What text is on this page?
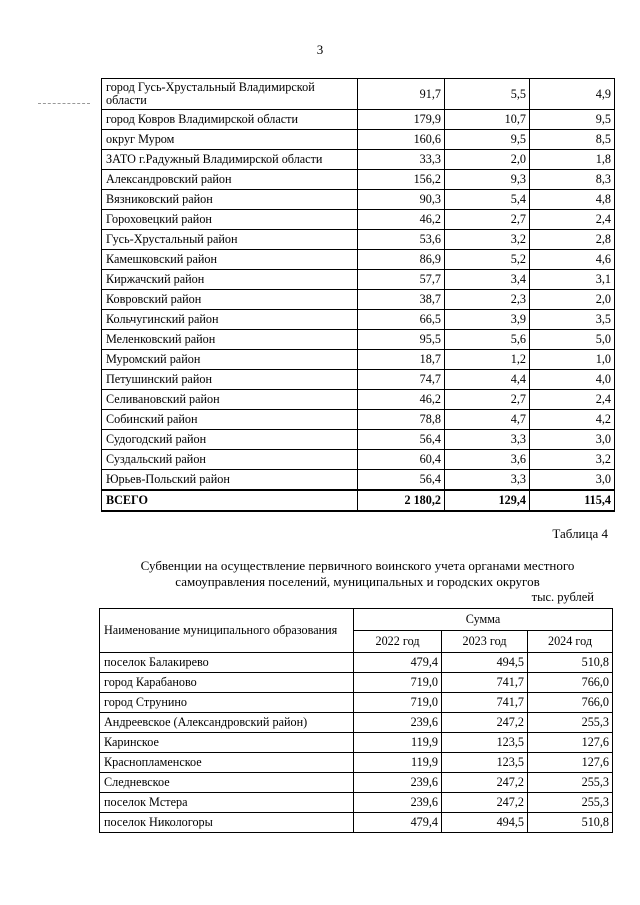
3
город Гусь-Хрустальный Владимирской области	91,7	5,5	4,9
город Ковров Владимирской области	179,9	10,7	9,5
округ Муром	160,6	9,5	8,5
ЗАТО г.Радужный Владимирской области	33,3	2,0	1,8
Александровский район	156,2	9,3	8,3
Вязниковский район	90,3	5,4	4,8
Гороховецкий район	46,2	2,7	2,4
Гусь-Хрустальный район	53,6	3,2	2,8
Камешковский район	86,9	5,2	4,6
Киржачский район	57,7	3,4	3,1
Ковровский район	38,7	2,3	2,0
Кольчугинский район	66,5	3,9	3,5
Меленковский район	95,5	5,6	5,0
Муромский район	18,7	1,2	1,0
Петушинский район	74,7	4,4	4,0
Селивановский район	46,2	2,7	2,4
Собинский район	78,8	4,7	4,2
Судогодский район	56,4	3,3	3,0
Суздальский район	60,4	3,6	3,2
Юрьев-Польский район	56,4	3,3	3,0
ВСЕГО	2 180,2	129,4	115,4
Таблица 4
Субвенции на осуществление первичного воинского учета органами местного самоуправления поселений, муниципальных и городских округов
тыс. рублей
Наименование муниципального образования	Сумма		
	2022 год	2023 год	2024 год
поселок Балакирево	479,4	494,5	510,8
город Карабаново	719,0	741,7	766,0
город Струнино	719,0	741,7	766,0
Андреевское (Александровский район)	239,6	247,2	255,3
Каринское	119,9	123,5	127,6
Краснопламенское	119,9	123,5	127,6
Следневское	239,6	247,2	255,3
поселок Мстера	239,6	247,2	255,3
поселок Никологоры	479,4	494,5	510,8
